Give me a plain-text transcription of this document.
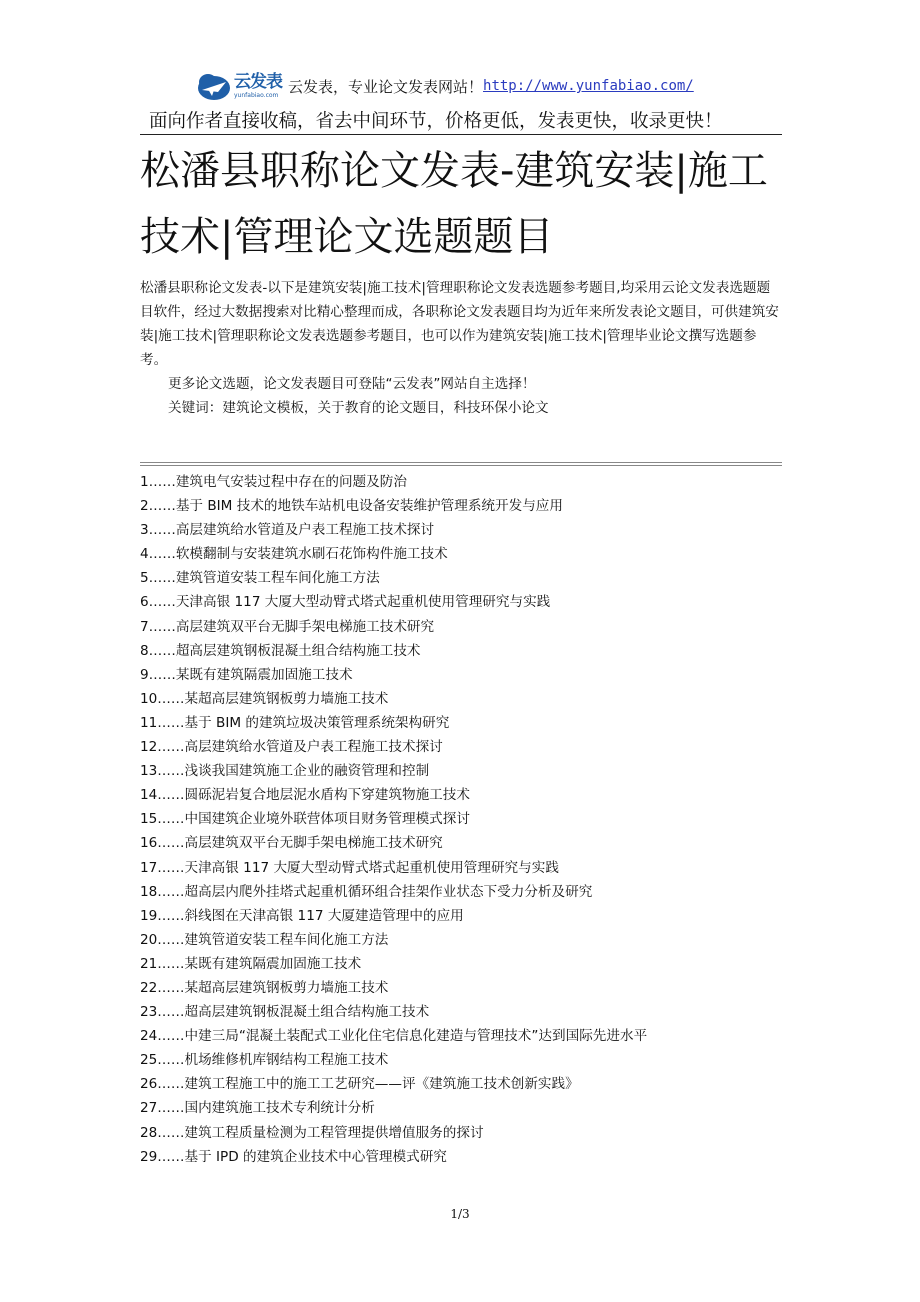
云发表
yunfabiao.com 云发表，专业论文发表网站！ http://www.yunfabiao.com/
面向作者直接收稿，省去中间环节，价格更低，发表更快，收录更快！
松潘县职称论文发表-建筑安装|施工技术|管理论文选题题目

松潘县职称论文发表-以下是建筑安装|施工技术|管理职称论文发表选题参考题目,均采用云论文发表选题题目软件，经过大数据搜索对比精心整理而成，各职称论文发表题目均为近年来所发表论文题目，可供建筑安装|施工技术|管理职称论文发表选题参考题目，也可以作为建筑安装|施工技术|管理毕业论文撰写选题参考。

更多论文选题，论文发表题目可登陆“云发表”网站自主选择！

关键词：建筑论文模板，关于教育的论文题目，科技环保小论文

1……建筑电气安装过程中存在的问题及防治
2……基于 BIM 技术的地铁车站机电设备安装维护管理系统开发与应用
3……高层建筑给水管道及户表工程施工技术探讨
4……软模翻制与安装建筑水刷石花饰构件施工技术
5……建筑管道安装工程车间化施工方法
6……天津高银 117 大厦大型动臂式塔式起重机使用管理研究与实践
7……高层建筑双平台无脚手架电梯施工技术研究
8……超高层建筑钢板混凝土组合结构施工技术
9……某既有建筑隔震加固施工技术
10……某超高层建筑钢板剪力墙施工技术
11……基于 BIM 的建筑垃圾决策管理系统架构研究
12……高层建筑给水管道及户表工程施工技术探讨
13……浅谈我国建筑施工企业的融资管理和控制
14……圆砾泥岩复合地层泥水盾构下穿建筑物施工技术
15……中国建筑企业境外联营体项目财务管理模式探讨
16……高层建筑双平台无脚手架电梯施工技术研究
17……天津高银 117 大厦大型动臂式塔式起重机使用管理研究与实践
18……超高层内爬外挂塔式起重机循环组合挂架作业状态下受力分析及研究
19……斜线图在天津高银 117 大厦建造管理中的应用
20……建筑管道安装工程车间化施工方法
21……某既有建筑隔震加固施工技术
22……某超高层建筑钢板剪力墙施工技术
23……超高层建筑钢板混凝土组合结构施工技术
24……中建三局“混凝土装配式工业化住宅信息化建造与管理技术”达到国际先进水平
25……机场维修机库钢结构工程施工技术
26……建筑工程施工中的施工工艺研究——评《建筑施工技术创新实践》
27……国内建筑施工技术专利统计分析
28……建筑工程质量检测为工程管理提供增值服务的探讨
29……基于 IPD 的建筑企业技术中心管理模式研究
1/3
